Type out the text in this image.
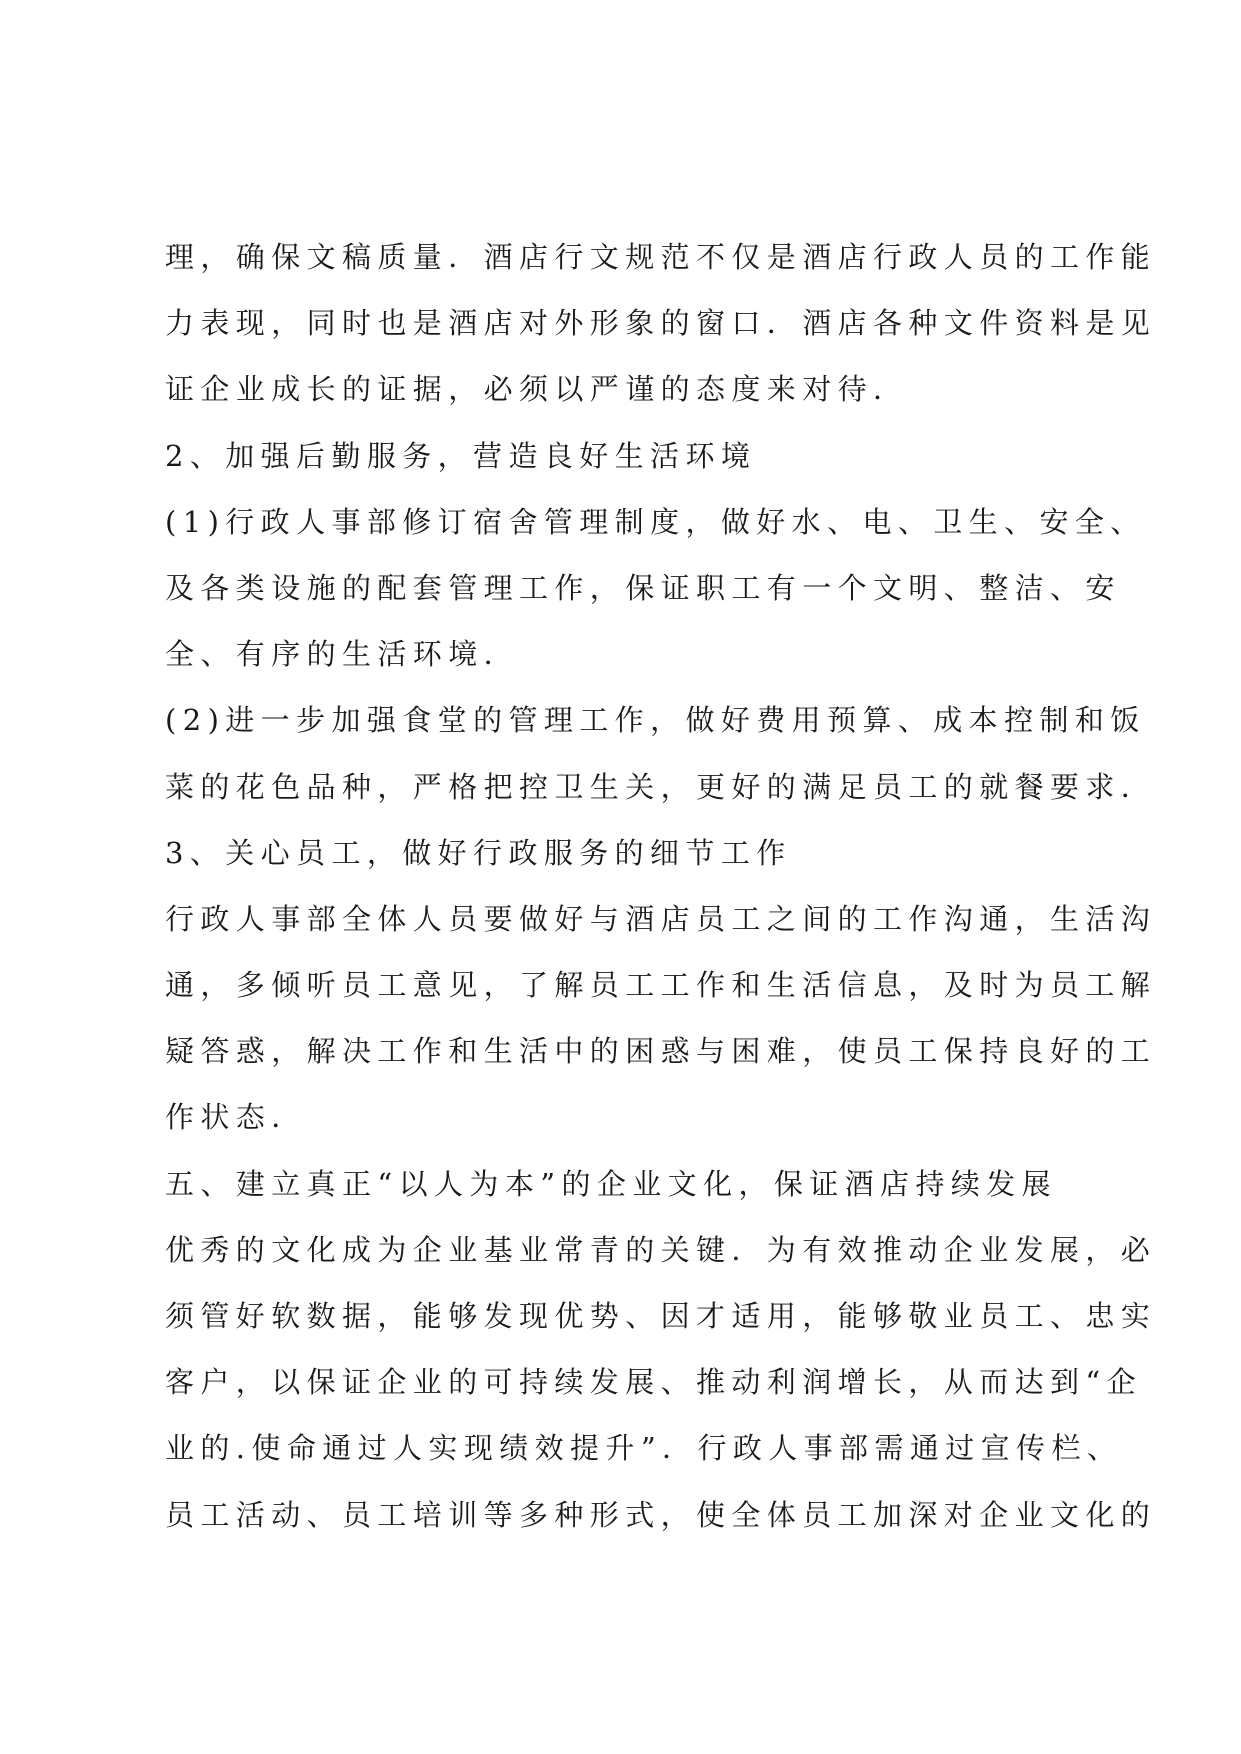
理，确保文稿质量．酒店行文规范不仅是酒店行政人员的工作能
力表现，同时也是酒店对外形象的窗口．酒店各种文件资料是见
证企业成长的证据，必须以严谨的态度来对待．
2、加强后勤服务，营造良好生活环境
(1)行政人事部修订宿舍管理制度，做好水、电、卫生、安全、
及各类设施的配套管理工作，保证职工有一个文明、整洁、安
全、有序的生活环境．
(2)进一步加强食堂的管理工作，做好费用预算、成本控制和饭
菜的花色品种，严格把控卫生关，更好的满足员工的就餐要求．
3、关心员工，做好行政服务的细节工作
行政人事部全体人员要做好与酒店员工之间的工作沟通，生活沟
通，多倾听员工意见，了解员工工作和生活信息，及时为员工解
疑答惑，解决工作和生活中的困惑与困难，使员工保持良好的工
作状态．
五、建立真正“以人为本”的企业文化，保证酒店持续发展
优秀的文化成为企业基业常青的关键．为有效推动企业发展，必
须管好软数据，能够发现优势、因才适用，能够敬业员工、忠实
客户，以保证企业的可持续发展、推动利润增长，从而达到“企
业的.使命通过人实现绩效提升”．行政人事部需通过宣传栏、
员工活动、员工培训等多种形式，使全体员工加深对企业文化的
